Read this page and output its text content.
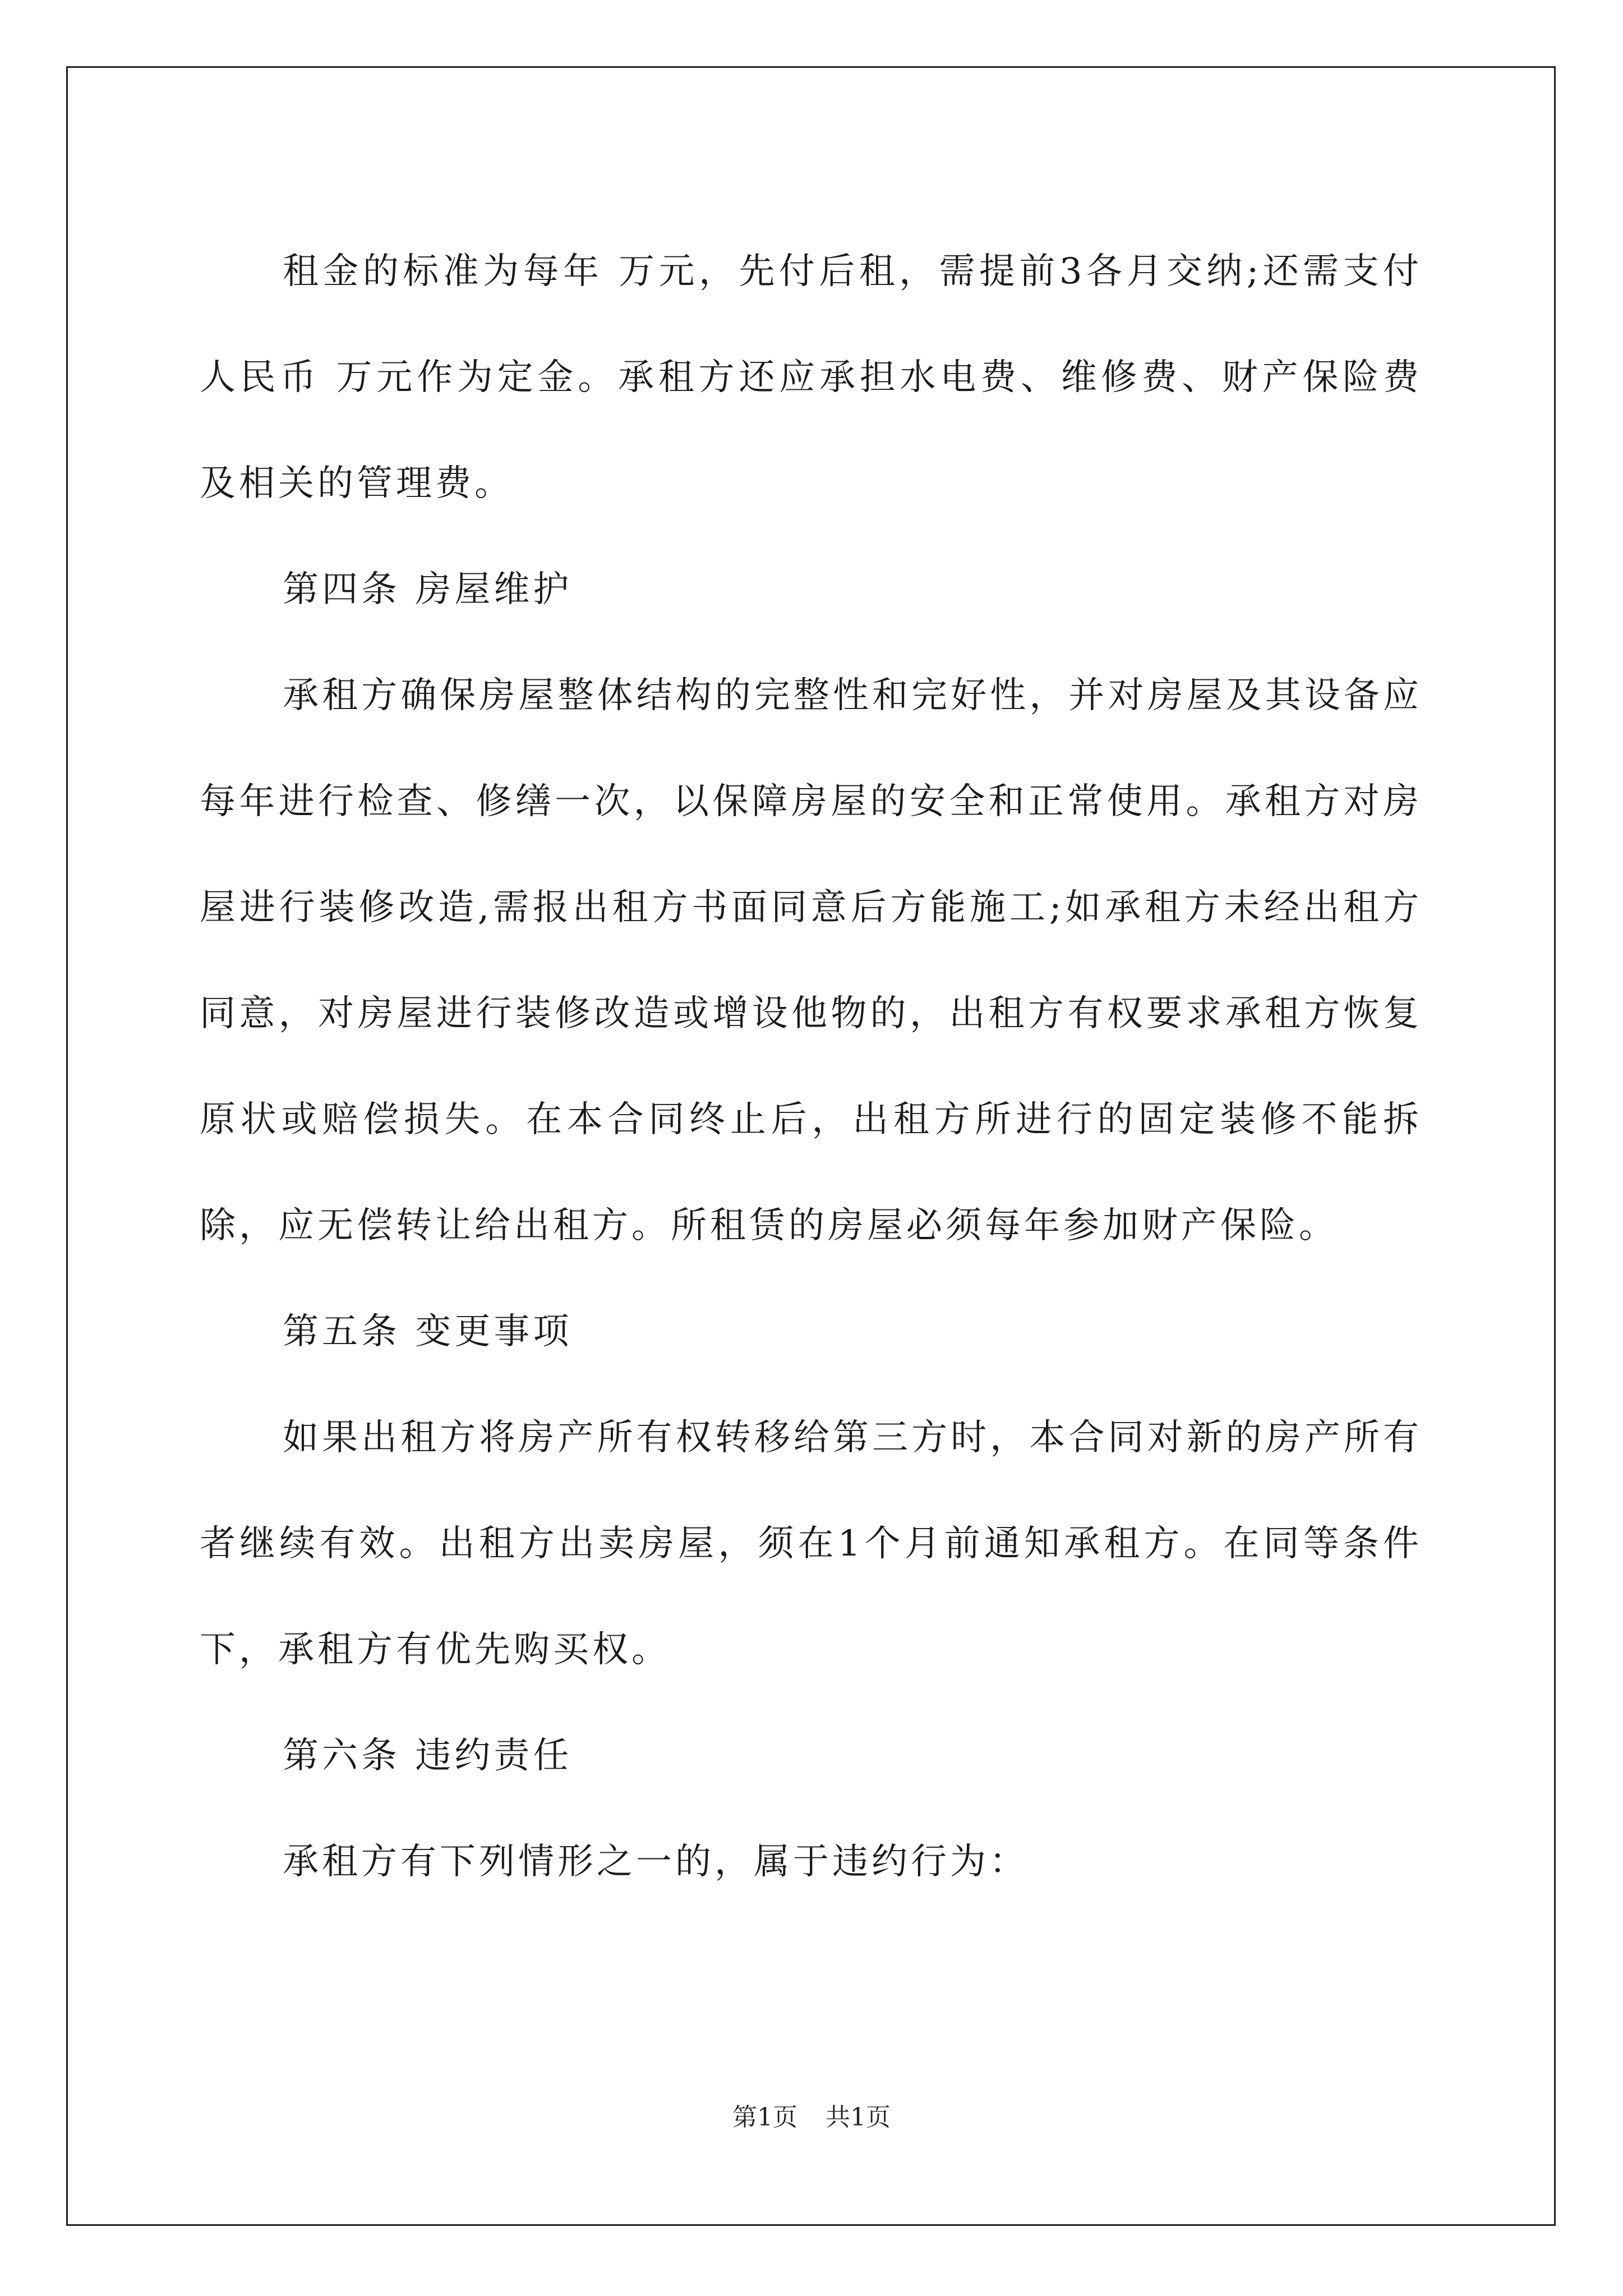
租金的标准为每年 万元，先付后租，需提前3各月交纳;还需支付人民币 万元作为定金。承租方还应承担水电费、维修费、财产保险费及相关的管理费。

第四条 房屋维护

承租方确保房屋整体结构的完整性和完好性，并对房屋及其设备应每年进行检查、修缮一次，以保障房屋的安全和正常使用。承租方对房屋进行装修改造,需报出租方书面同意后方能施工;如承租方未经出租方同意，对房屋进行装修改造或增设他物的，出租方有权要求承租方恢复原状或赔偿损失。在本合同终止后，出租方所进行的固定装修不能拆除，应无偿转让给出租方。所租赁的房屋必须每年参加财产保险。

第五条 变更事项

如果出租方将房产所有权转移给第三方时，本合同对新的房产所有者继续有效。出租方出卖房屋，须在1个月前通知承租方。在同等条件下，承租方有优先购买权。

第六条 违约责任

承租方有下列情形之一的，属于违约行为：

第1页 共1页
